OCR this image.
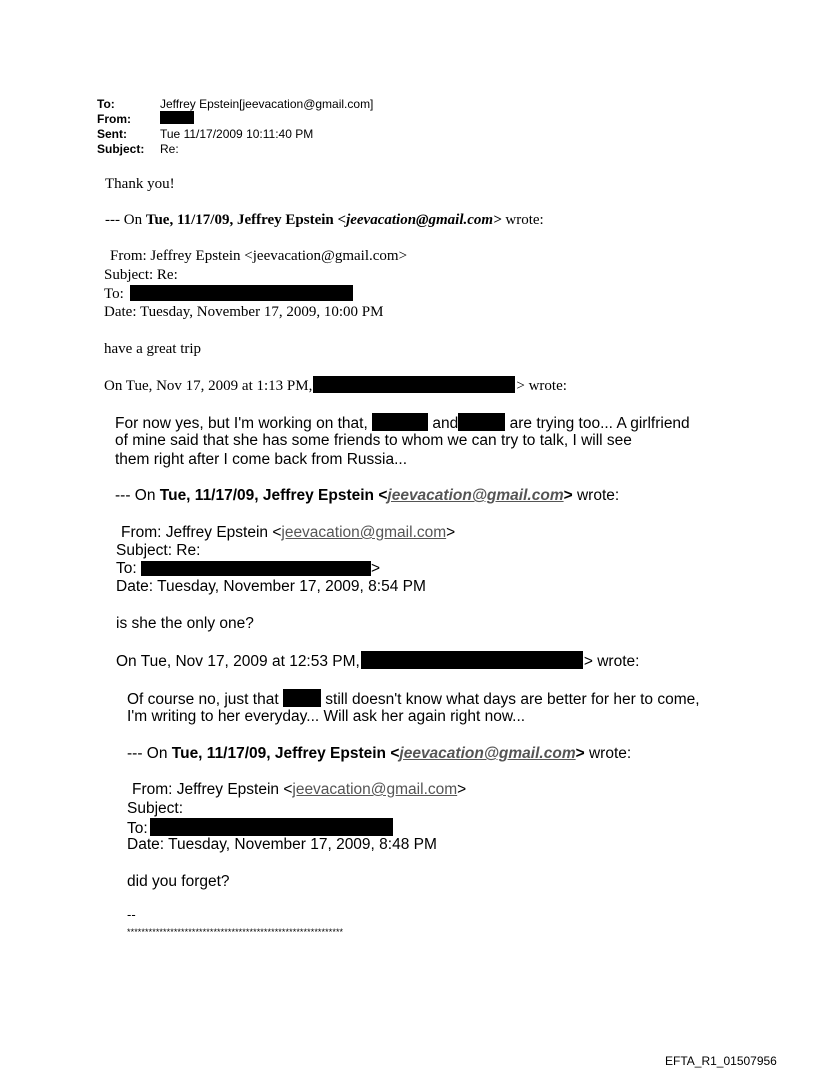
To:	Jeffrey Epstein[jeevacation@gmail.com]
From:
Sent:	Tue 11/17/2009 10:11:40 PM
Subject: Re:
Thank you!
--- On Tue, 11/17/09, Jeffrey Epstein <jeevacation@gmail.com> wrote:
From: Jeffrey Epstein <jeevacation@gmail.com>
Subject: Re:
To:
Date: Tuesday, November 17, 2009, 10:00 PM
have a great trip
On Tue, Nov 17, 2009 at 1:13 PM,	> wrote:
For now yes, but I'm working on that,	and	are trying too... A girlfriend
of mine said that she has some friends to whom we can try to talk, I will see
them right after I come back from Russia...
--- On Tue, 11/17/09, Jeffrey Epstein <jeevacation@gmail.com> wrote:
From: Jeffrey Epstein <jeevacation@gmail.com>
Subject: Re:
To:	>
Date: Tuesday, November 17, 2009, 8:54 PM
is she the only one?
On Tue, Nov 17, 2009 at 12:53 PM,	> wrote:
Of course no, just that	still doesn't know what days are better for her to come,
I'm writing to her everyday... Will ask her again right now...
--- On Tue, 11/17/09, Jeffrey Epstein <jeevacation@gmail.com> wrote:
From: Jeffrey Epstein <jeevacation@gmail.com>
Subject:
To:
Date: Tuesday, November 17, 2009, 8:48 PM
did you forget?
--
************************************************************
EFTA_R1_01507956
